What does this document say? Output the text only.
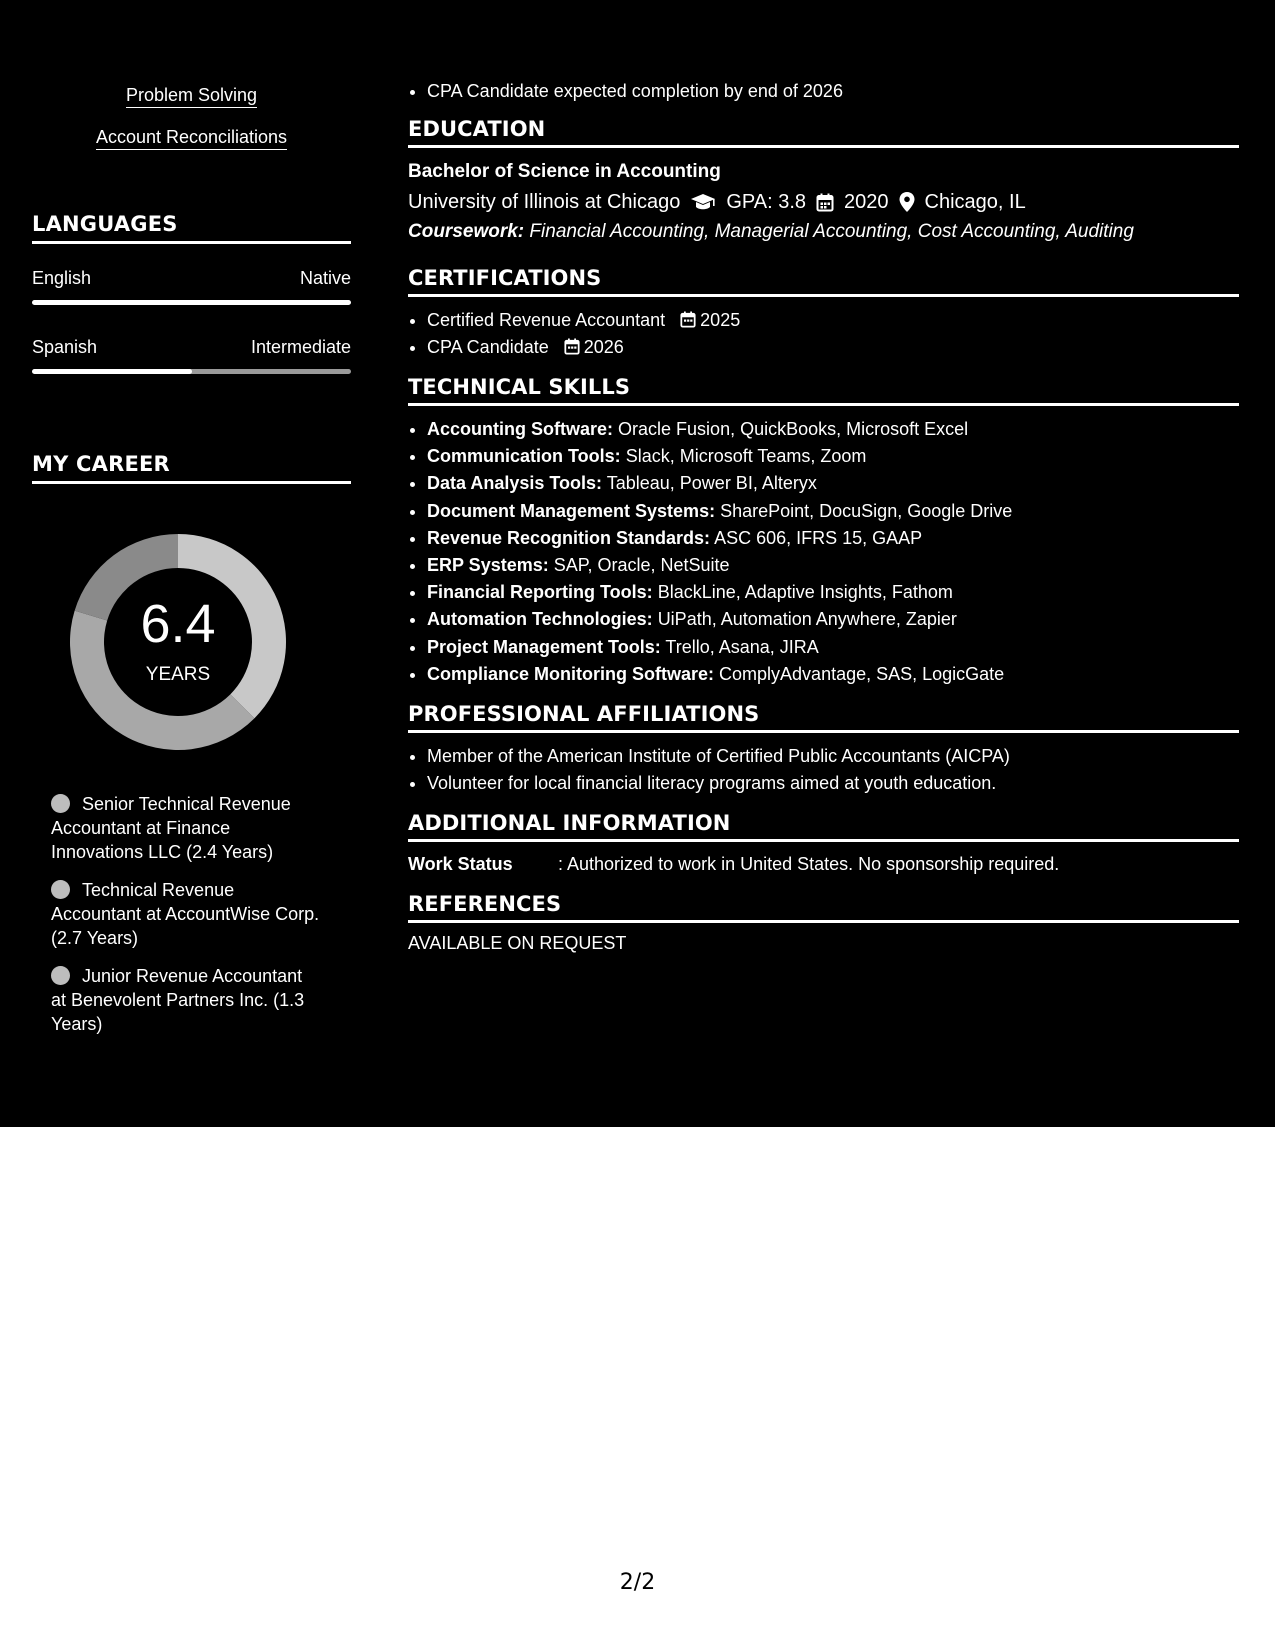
Problem Solving
Account Reconciliations
LANGUAGES
English	Native
Spanish	Intermediate
MY CAREER
6.4
YEARS
Senior Technical Revenue Accountant at Finance Innovations LLC (2.4 Years)
Technical Revenue Accountant at AccountWise Corp. (2.7 Years)
Junior Revenue Accountant at Benevolent Partners Inc. (1.3 Years)
• CPA Candidate expected completion by end of 2026
EDUCATION
Bachelor of Science in Accounting
University of Illinois at Chicago GPA: 3.8 2020 Chicago, IL
Coursework: Financial Accounting, Managerial Accounting, Cost Accounting, Auditing
CERTIFICATIONS
• Certified Revenue Accountant 2025
• CPA Candidate 2026
TECHNICAL SKILLS
• Accounting Software: Oracle Fusion, QuickBooks, Microsoft Excel
• Communication Tools: Slack, Microsoft Teams, Zoom
• Data Analysis Tools: Tableau, Power BI, Alteryx
• Document Management Systems: SharePoint, DocuSign, Google Drive
• Revenue Recognition Standards: ASC 606, IFRS 15, GAAP
• ERP Systems: SAP, Oracle, NetSuite
• Financial Reporting Tools: BlackLine, Adaptive Insights, Fathom
• Automation Technologies: UiPath, Automation Anywhere, Zapier
• Project Management Tools: Trello, Asana, JIRA
• Compliance Monitoring Software: ComplyAdvantage, SAS, LogicGate
PROFESSIONAL AFFILIATIONS
• Member of the American Institute of Certified Public Accountants (AICPA)
• Volunteer for local financial literacy programs aimed at youth education.
ADDITIONAL INFORMATION
Work Status	: Authorized to work in United States. No sponsorship required.
REFERENCES
AVAILABLE ON REQUEST
2/2
